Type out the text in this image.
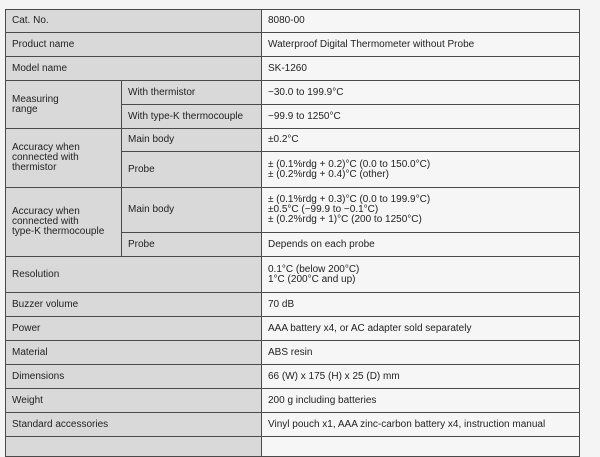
Cat. No.		8080-00
Product name		Waterproof Digital Thermometer without Probe
Model name		SK-1260

Measuring
range	With thermistor	−30.0 to 199.9°C
	With type-K thermocouple	−99.9 to 1250°C

Accuracy when
connected with
thermistor	Main body	±0.2°C
	Probe	± (0.1%rdg + 0.2)°C (0.0 to 150.0°C)
± (0.2%rdg + 0.4)°C (other)

Accuracy when
connected with
type-K thermocouple	Main body	± (0.1%rdg + 0.3)°C (0.0 to 199.9°C)
±0.5°C (−99.9 to −0.1°C)
± (0.2%rdg + 1)°C (200 to 1250°C)

	Probe	Depends on each probe
Resolution		0.1°C (below 200°C)
1°C (200°C and up)

Buzzer volume		70 dB
Power		AAA battery x4, or AC adapter sold separately
Material		ABS resin
Dimensions		66 (W) x 175 (H) x 25 (D) mm
Weight		200 g including batteries
Standard accessories		Vinyl pouch x1, AAA zinc-carbon battery x4, instruction manual
